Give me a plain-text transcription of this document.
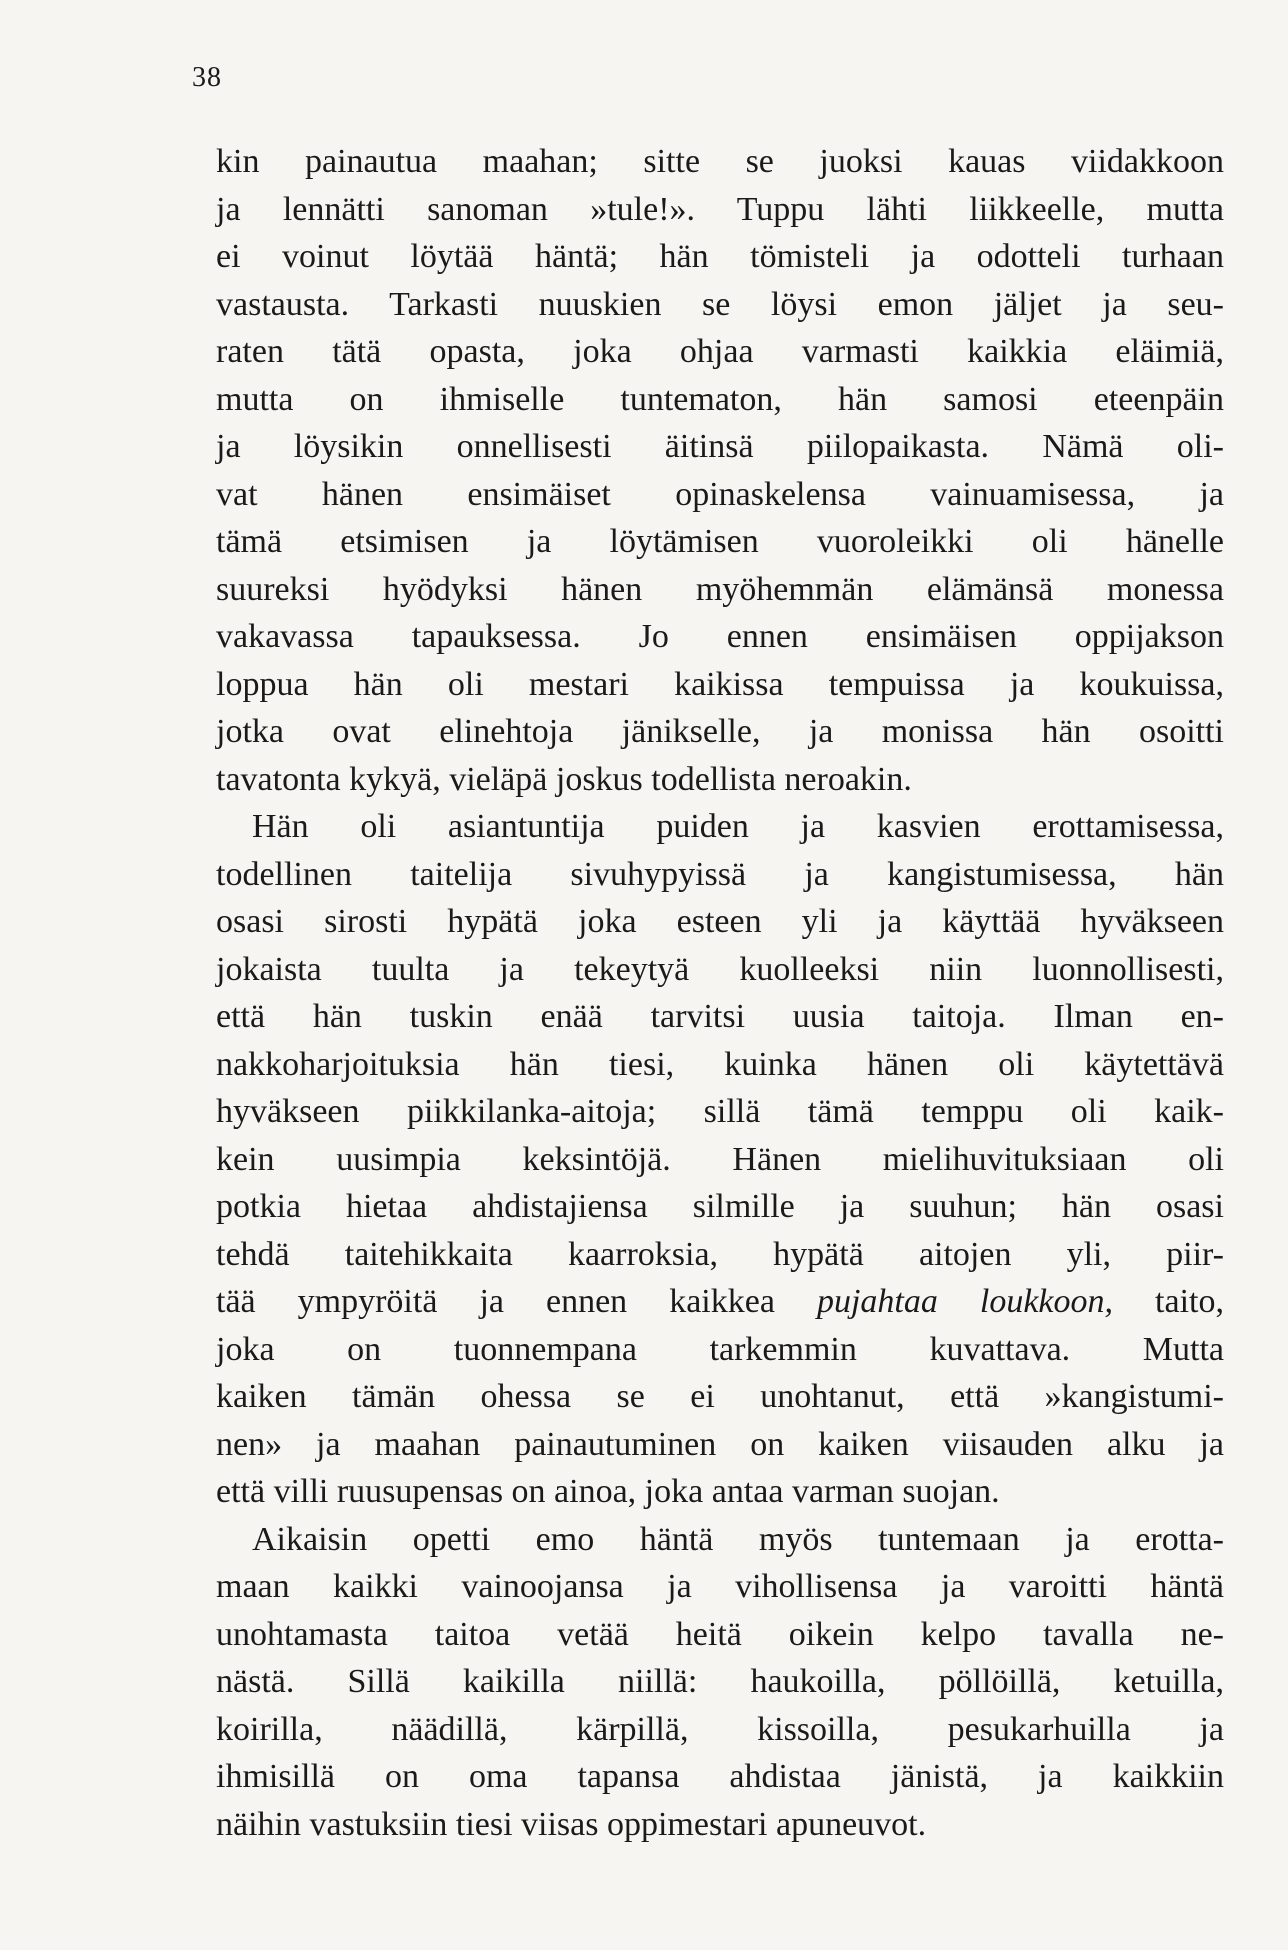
38
kin painautua maahan; sitte se juoksi kauas viidakkoon
ja lennätti sanoman »tule!». Tuppu lähti liikkeelle, mutta
ei voinut löytää häntä; hän tömisteli ja odotteli turhaan
vastausta. Tarkasti nuuskien se löysi emon jäljet ja seu-
raten tätä opasta, joka ohjaa varmasti kaikkia eläimiä,
mutta on ihmiselle tuntematon, hän samosi eteenpäin
ja löysikin onnellisesti äitinsä piilopaikasta. Nämä oli-
vat hänen ensimäiset opinaskelensa vainuamisessa, ja
tämä etsimisen ja löytämisen vuoroleikki oli hänelle
suureksi hyödyksi hänen myöhemmän elämänsä monessa
vakavassa tapauksessa. Jo ennen ensimäisen oppijakson
loppua hän oli mestari kaikissa tempuissa ja koukuissa,
jotka ovat elinehtoja jänikselle, ja monissa hän osoitti
tavatonta kykyä, vieläpä joskus todellista neroakin.
Hän oli asiantuntija puiden ja kasvien erottamisessa,
todellinen taitelija sivuhypyissä ja kangistumisessa, hän
osasi sirosti hypätä joka esteen yli ja käyttää hyväkseen
jokaista tuulta ja tekeytyä kuolleeksi niin luonnollisesti,
että hän tuskin enää tarvitsi uusia taitoja. Ilman en-
nakkoharjoituksia hän tiesi, kuinka hänen oli käytettävä
hyväkseen piikkilanka-aitoja; sillä tämä temppu oli kaik-
kein uusimpia keksintöjä. Hänen mielihuvituksiaan oli
potkia hietaa ahdistajiensa silmille ja suuhun; hän osasi
tehdä taitehikkaita kaarroksia, hypätä aitojen yli, piir-
tää ympyröitä ja ennen kaikkea pujahtaa loukkoon, taito,
joka on tuonnempana tarkemmin kuvattava. Mutta
kaiken tämän ohessa se ei unohtanut, että »kangistumi-
nen» ja maahan painautuminen on kaiken viisauden alku ja
että villi ruusupensas on ainoa, joka antaa varman suojan.
Aikaisin opetti emo häntä myös tuntemaan ja erotta-
maan kaikki vainoojansa ja vihollisensa ja varoitti häntä
unohtamasta taitoa vetää heitä oikein kelpo tavalla ne-
nästä. Sillä kaikilla niillä: haukoilla, pöllöillä, ketuilla,
koirilla, näädillä, kärpillä, kissoilla, pesukarhuilla ja
ihmisillä on oma tapansa ahdistaa jänistä, ja kaikkiin
näihin vastuksiin tiesi viisas oppimestari apuneuvot.
